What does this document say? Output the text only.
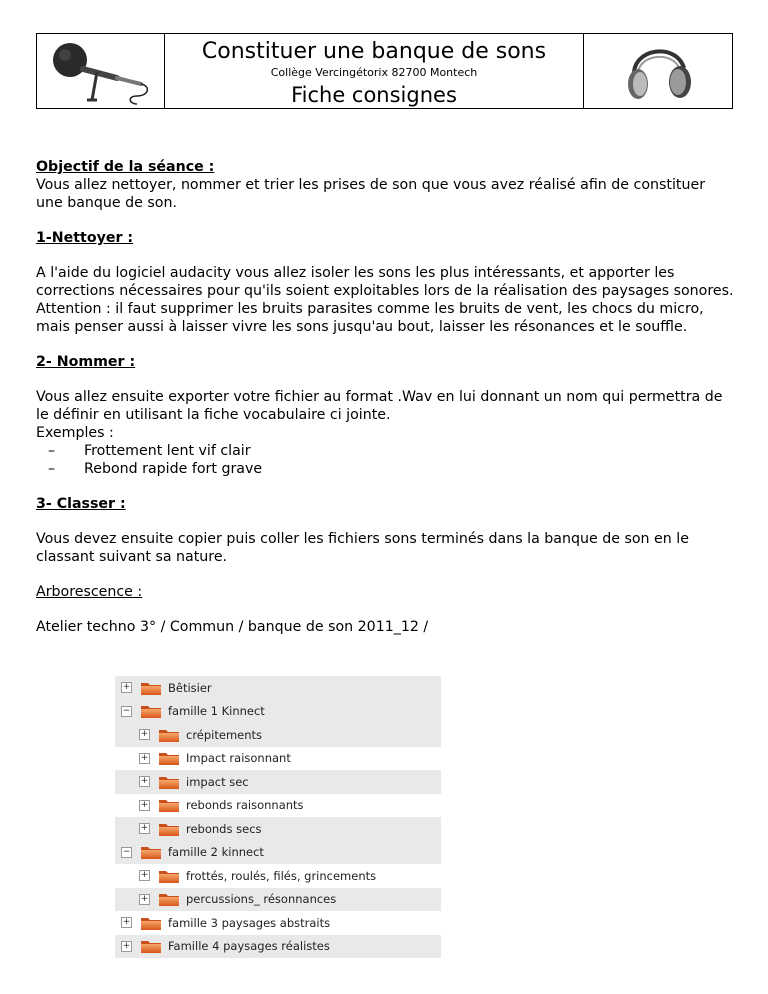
Constituer une banque de sons
Collège Vercingétorix 82700 Montech
Fiche consignes

Objectif de la séance :

Vous allez nettoyer, nommer et trier les prises de son que vous avez réalisé afin de constituer une banque de son.

1-Nettoyer :

A l'aide du logiciel audacity vous allez isoler les sons les plus intéressants, et apporter les corrections nécessaires pour qu'ils soient exploitables lors de la réalisation des paysages sonores.

Attention : il faut supprimer les bruits parasites comme les bruits de vent, les chocs du micro, mais penser aussi à laisser vivre les sons jusqu'au bout, laisser les résonances et le souffle.

2- Nommer :

Vous allez ensuite exporter votre fichier au format .Wav en lui donnant un nom qui permettra de le définir en utilisant la fiche vocabulaire ci jointe.

Exemples :

– Frottement lent vif clair
– Rebond rapide fort grave

3- Classer :

Vous devez ensuite copier puis coller les fichiers sons terminés dans la banque de son en le classant suivant sa nature.

Arborescence :

Atelier techno 3° / Commun / banque de son 2011_12 /

+	Bêtisier
−	famille 1 Kinnect
+	crépitements
+	Impact raisonnant
+	impact sec
+	rebonds raisonnants
+	rebonds secs
−	famille 2 kinnect
+	frottés, roulés, filés, grincements
+	percussions_ résonnances
+	famille 3 paysages abstraits
+	Famille 4 paysages réalistes
